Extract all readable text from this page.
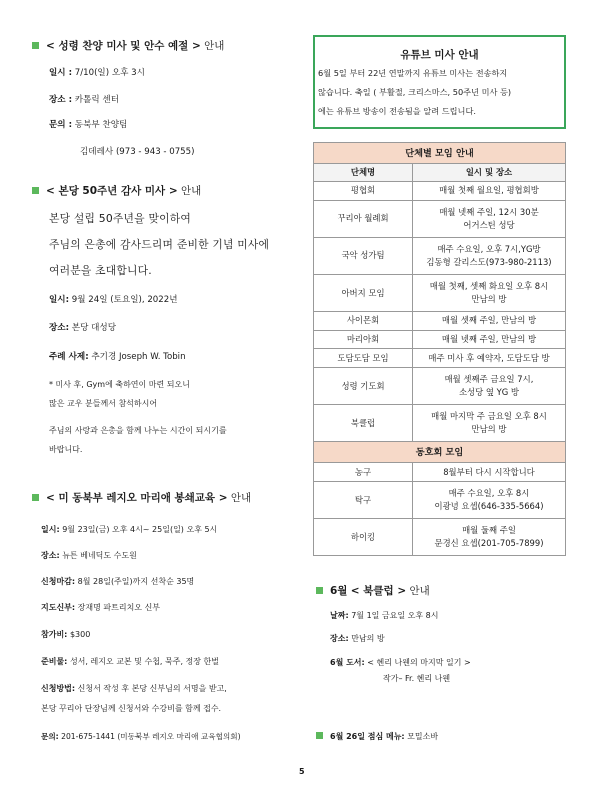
< 성령 찬양 미사 및 안수 예절 > 안내
일시 : 7/10(일) 오후 3시
장소 : 카톨릭 센터
문의 : 동북부 찬양팀
김데레사 (973 - 943 - 0755)
< 본당 50주년 감사 미사 > 안내
본당 설립 50주년을 맞이하여
주님의 은총에 감사드리며 준비한 기념 미사에
여러분을 초대합니다.
일시: 9월 24일 (토요일), 2022년
장소: 본당 대성당
주례 사제: 추기경 Joseph W. Tobin
* 미사 후, Gym에 축하연이 마련 되오니
많은 교우 분들께서 참석하시어
주님의 사랑과 은총을 함께 나누는 시간이 되시기를
바랍니다.
< 미 동북부 레지오 마리애 봉쇄교육 > 안내
일시: 9월 23일(금) 오후 4시~ 25일(일) 오후 5시
장소: 뉴튼 베네딕도 수도원
신청마감: 8월 28일(주일)까지 선착순 35명
지도신부: 장재명 파트리치오 신부
참가비: $300
준비물: 성서, 레지오 교본 및 수첩, 묵주, 정장 한벌
신청방법: 신청서 작성 후 본당 신부님의 서명을 받고,
본당 꾸리아 단장님께 신청서와 수강비를 함께 접수.
문의: 201-675-1441 (미동북부 레지오 마리애 교육협의회)
유튜브 미사 안내
6월 5일 부터 22년 연말까지 유튜브 미사는 전송하지
않습니다. 축일 ( 부활절, 크리스마스, 50주년 미사 등)
에는 유튜브 방송이 전송됨을 알려 드립니다.
단체별 모임 안내	
단체명	일시 및 장소
평협회	매월 첫째 월요일, 평협회방

꾸리아 월례회	매월 넷째 주일, 12시 30분
어거스틴 성당

국악 성가팀	매주 수요일, 오후 7시,YG방
김동형 갈리스도(973-980-2113)

아버지 모임	매월 첫째, 셋째 화요일 오후 8시
만남의 방

사이몬회	매월 셋째 주일, 만남의 방

마리아회	매월 넷째 주일, 만남의 방

도담도담 모임	매주 미사 후 예약자, 도담도담 방

성령 기도회	매월 셋째주 금요일 7시,
소성당 옆 YG 방

북클럽	매월 마지막 주 금요일 오후 8시
만남의 방

동호회 모임	
농구	8월부터 다시 시작합니다

탁구	매주 수요일, 오후 8시
이광녕 요셉(646-335-5664)

하이킹	매월 둘째 주일
문경신 요셉(201-705-7899)
6월 < 북클럽 > 안내
날짜: 7월 1일 금요일 오후 8시
장소: 만남의 방
6월 도서: < 헨리 나웬의 마지막 일기 >
작가– Fr. 헨리 나웬
6월 26일 점심 메뉴: 모밀소바
5
